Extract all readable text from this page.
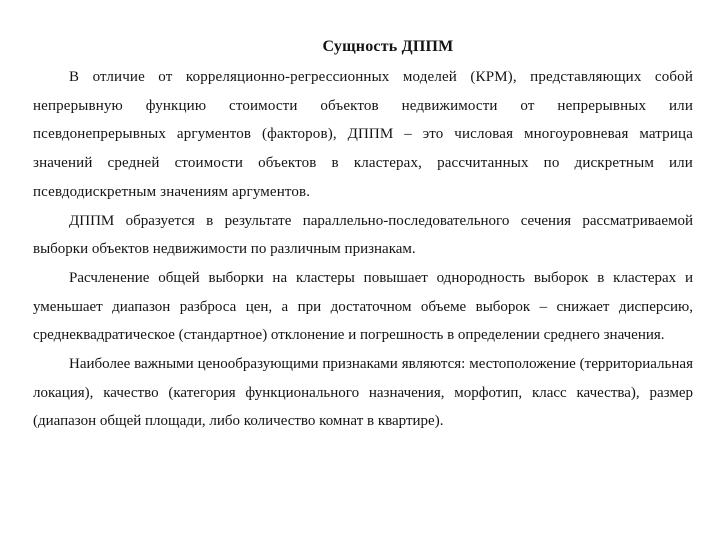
Сущность ДППМ

В отличие от корреляционно-регрессионных моделей (КРМ), представляющих собой непрерывную функцию стоимости объектов недвижимости от непрерывных или псевдонепрерывных аргументов (факторов), ДППМ – это числовая многоуровневая матрица значений средней стоимости объектов в кластерах, рассчитанных по дискретным или псевдодискретным значениям аргументов.

ДППМ образуется в результате параллельно-последовательного сечения рассматриваемой выборки объектов недвижимости по различным признакам.

Расчленение общей выборки на кластеры повышает однородность выборок в кластерах и уменьшает диапазон разброса цен, а при достаточном объеме выборок – снижает дисперсию, среднеквадратическое (стандартное) отклонение и погрешность в определении среднего значения.

Наиболее важными ценообразующими признаками являются: местоположение (территориальная локация), качество (категория функционального назначения, морфотип, класс качества), размер (диапазон общей площади, либо количество комнат в квартире).
